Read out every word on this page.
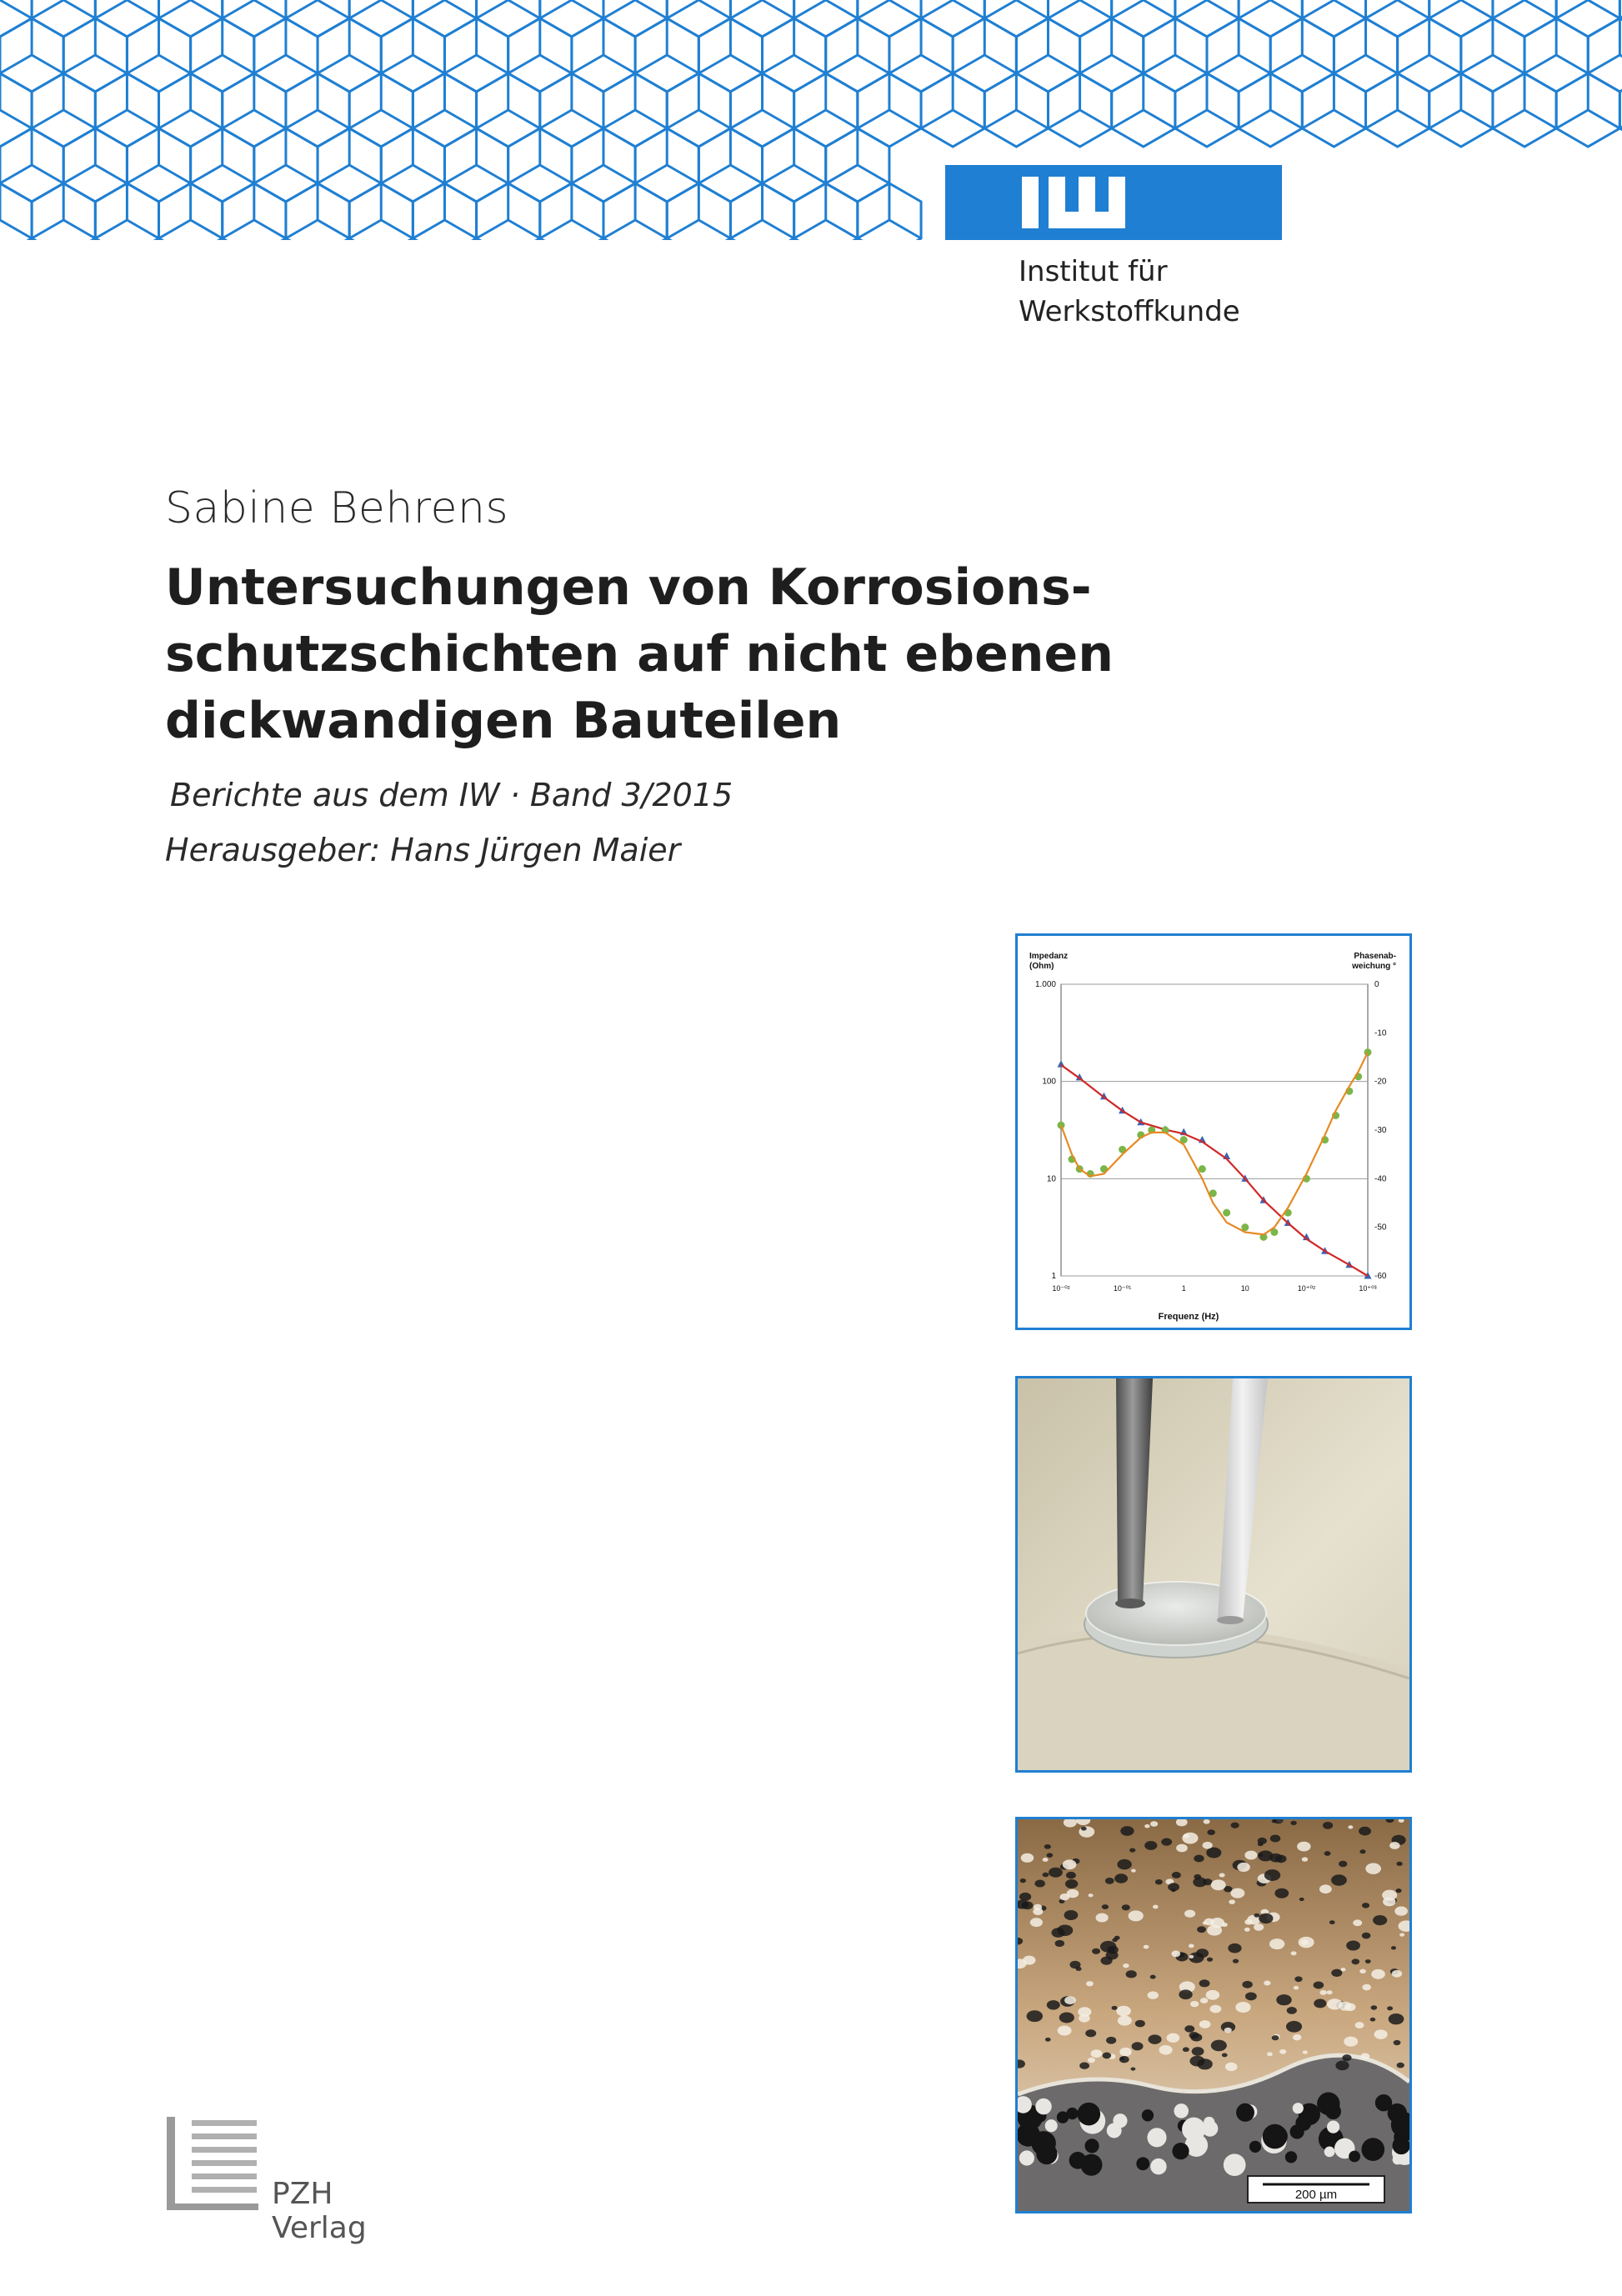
Institut für
Werkstoffkunde
Sabine Behrens
Untersuchungen von Korrosions-
schutzschichten auf nicht ebenen
dickwandigen Bauteilen
Berichte aus dem IW · Band 3/2015
Herausgeber: Hans Jürgen Maier
Impedanz
(Ohm)
Phasenab-
weichung °
Frequenz (Hz)
1.000
100
10
1
0
-10
-20
-30
-40
-50
-60
10⁻⁰²	10⁻⁰¹	1	10	10⁺⁰²	10⁺⁰³
200 µm
PZH Verlag
